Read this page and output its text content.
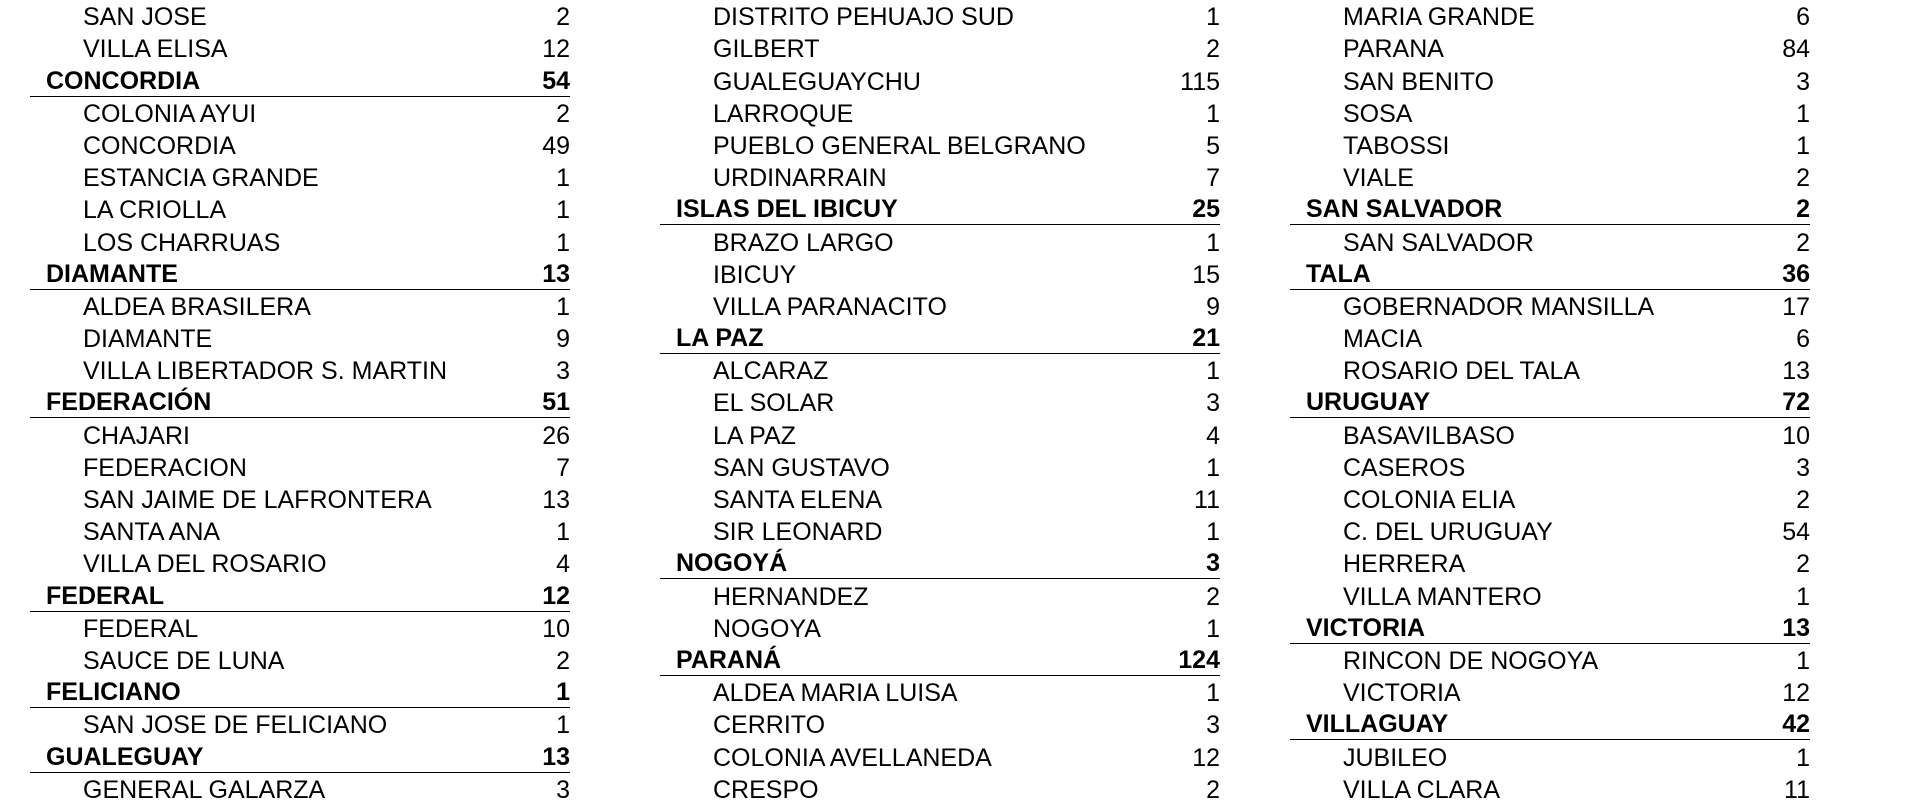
SAN JOSE	2
VILLA ELISA	12
CONCORDIA	54
COLONIA AYUI	2
CONCORDIA	49
ESTANCIA GRANDE	1
LA CRIOLLA	1
LOS CHARRUAS	1
DIAMANTE	13
ALDEA BRASILERA	1
DIAMANTE	9
VILLA LIBERTADOR S. MARTIN	3
FEDERACIÓN	51
CHAJARI	26
FEDERACION	7
SAN JAIME DE LAFRONTERA	13
SANTA ANA	1
VILLA DEL ROSARIO	4
FEDERAL	12
FEDERAL	10
SAUCE DE LUNA	2
FELICIANO	1
SAN JOSE DE FELICIANO	1
GUALEGUAY	13
GENERAL GALARZA	3
DISTRITO PEHUAJO SUD	1
GILBERT	2
GUALEGUAYCHU	115
LARROQUE	1
PUEBLO GENERAL BELGRANO	5
URDINARRAIN	7
ISLAS DEL IBICUY	25
BRAZO LARGO	1
IBICUY	15
VILLA PARANACITO	9
LA PAZ	21
ALCARAZ	1
EL SOLAR	3
LA PAZ	4
SAN GUSTAVO	1
SANTA ELENA	11
SIR LEONARD	1
NOGOYÁ	3
HERNANDEZ	2
NOGOYA	1
PARANÁ	124
ALDEA MARIA LUISA	1
CERRITO	3
COLONIA AVELLANEDA	12
CRESPO	2
MARIA GRANDE	6
PARANA	84
SAN BENITO	3
SOSA	1
TABOSSI	1
VIALE	2
SAN SALVADOR	2
SAN SALVADOR	2
TALA	36
GOBERNADOR MANSILLA	17
MACIA	6
ROSARIO DEL TALA	13
URUGUAY	72
BASAVILBASO	10
CASEROS	3
COLONIA ELIA	2
C. DEL URUGUAY	54
HERRERA	2
VILLA MANTERO	1
VICTORIA	13
RINCON DE NOGOYA	1
VICTORIA	12
VILLAGUAY	42
JUBILEO	1
VILLA CLARA	11
